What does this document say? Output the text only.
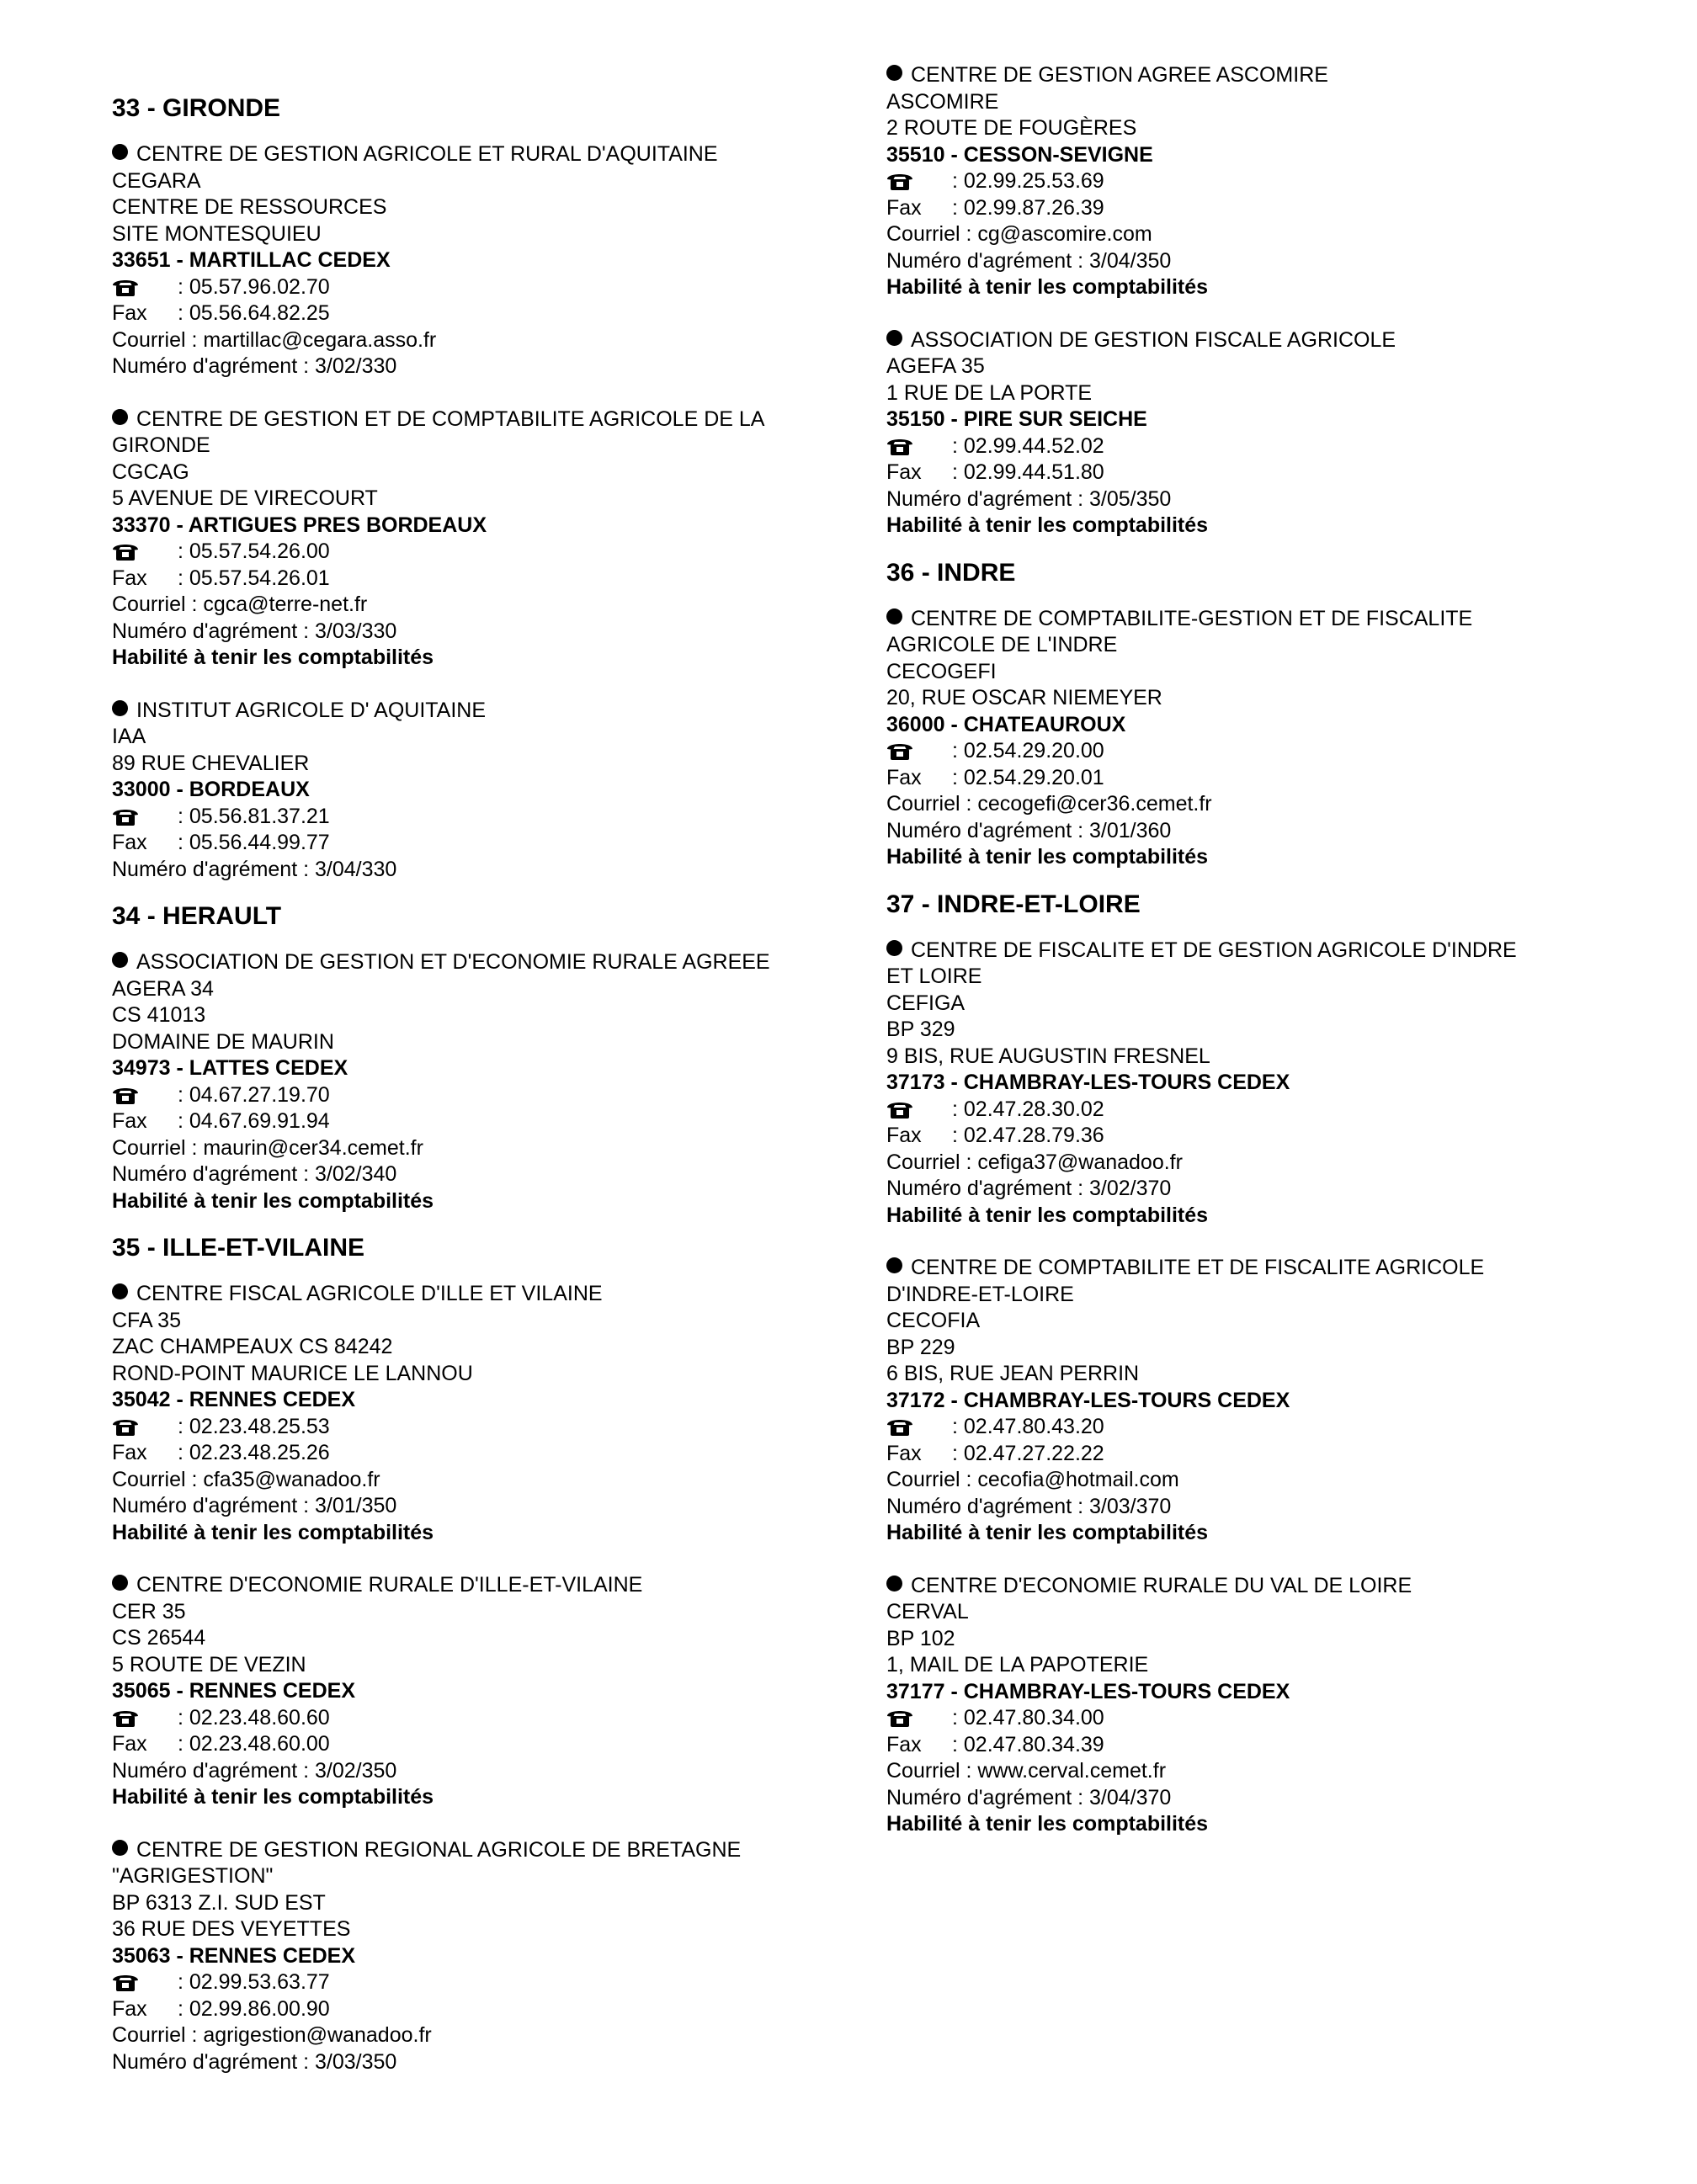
33 - GIRONDE
CENTRE DE GESTION AGRICOLE ET RURAL D'AQUITAINE
CEGARA
CENTRE DE RESSOURCES
SITE MONTESQUIEU
33651 - MARTILLAC CEDEX
: 05.57.96.02.70
Fax : 05.56.64.82.25
Courriel : martillac@cegara.asso.fr
Numéro d'agrément : 3/02/330
CENTRE DE GESTION ET DE COMPTABILITE AGRICOLE DE LA
GIRONDE
CGCAG
5 AVENUE DE VIRECOURT
33370 - ARTIGUES PRES BORDEAUX
: 05.57.54.26.00
Fax : 05.57.54.26.01
Courriel : cgca@terre-net.fr
Numéro d'agrément : 3/03/330
Habilité à tenir les comptabilités
INSTITUT AGRICOLE D' AQUITAINE
IAA
89 RUE CHEVALIER
33000 - BORDEAUX
: 05.56.81.37.21
Fax : 05.56.44.99.77
Numéro d'agrément : 3/04/330
34 - HERAULT
ASSOCIATION DE GESTION ET D'ECONOMIE RURALE AGREEE
AGERA 34
CS 41013
DOMAINE DE MAURIN
34973 - LATTES CEDEX
: 04.67.27.19.70
Fax : 04.67.69.91.94
Courriel : maurin@cer34.cemet.fr
Numéro d'agrément : 3/02/340
Habilité à tenir les comptabilités
35 - ILLE-ET-VILAINE
CENTRE FISCAL AGRICOLE D'ILLE ET VILAINE
CFA 35
ZAC CHAMPEAUX CS 84242
ROND-POINT MAURICE LE LANNOU
35042 - RENNES CEDEX
: 02.23.48.25.53
Fax : 02.23.48.25.26
Courriel : cfa35@wanadoo.fr
Numéro d'agrément : 3/01/350
Habilité à tenir les comptabilités
CENTRE D'ECONOMIE RURALE D'ILLE-ET-VILAINE
CER 35
CS 26544
5 ROUTE DE VEZIN
35065 - RENNES CEDEX
: 02.23.48.60.60
Fax : 02.23.48.60.00
Numéro d'agrément : 3/02/350
Habilité à tenir les comptabilités
CENTRE DE GESTION REGIONAL AGRICOLE DE BRETAGNE
"AGRIGESTION"
BP 6313 Z.I. SUD EST
36 RUE DES VEYETTES
35063 - RENNES CEDEX
: 02.99.53.63.77
Fax : 02.99.86.00.90
Courriel : agrigestion@wanadoo.fr
Numéro d'agrément : 3/03/350
CENTRE DE GESTION AGREE ASCOMIRE
ASCOMIRE
2 ROUTE DE FOUGÈRES
35510 - CESSON-SEVIGNE
: 02.99.25.53.69
Fax : 02.99.87.26.39
Courriel : cg@ascomire.com
Numéro d'agrément : 3/04/350
Habilité à tenir les comptabilités
ASSOCIATION DE GESTION FISCALE AGRICOLE
AGEFA 35
1 RUE DE LA PORTE
35150 - PIRE SUR SEICHE
: 02.99.44.52.02
Fax : 02.99.44.51.80
Numéro d'agrément : 3/05/350
Habilité à tenir les comptabilités
36 - INDRE
CENTRE DE COMPTABILITE-GESTION ET DE FISCALITE
AGRICOLE DE L'INDRE
CECOGEFI
20, RUE OSCAR NIEMEYER
36000 - CHATEAUROUX
: 02.54.29.20.00
Fax : 02.54.29.20.01
Courriel : cecogefi@cer36.cemet.fr
Numéro d'agrément : 3/01/360
Habilité à tenir les comptabilités
37 - INDRE-ET-LOIRE
CENTRE DE FISCALITE ET DE GESTION AGRICOLE D'INDRE
ET LOIRE
CEFIGA
BP 329
9 BIS, RUE AUGUSTIN FRESNEL
37173 - CHAMBRAY-LES-TOURS CEDEX
: 02.47.28.30.02
Fax : 02.47.28.79.36
Courriel : cefiga37@wanadoo.fr
Numéro d'agrément : 3/02/370
Habilité à tenir les comptabilités
CENTRE DE COMPTABILITE ET DE FISCALITE AGRICOLE
D'INDRE-ET-LOIRE
CECOFIA
BP 229
6 BIS, RUE JEAN PERRIN
37172 - CHAMBRAY-LES-TOURS CEDEX
: 02.47.80.43.20
Fax : 02.47.27.22.22
Courriel : cecofia@hotmail.com
Numéro d'agrément : 3/03/370
Habilité à tenir les comptabilités
CENTRE D'ECONOMIE RURALE DU VAL DE LOIRE
CERVAL
BP 102
1, MAIL DE LA PAPOTERIE
37177 - CHAMBRAY-LES-TOURS CEDEX
: 02.47.80.34.00
Fax : 02.47.80.34.39
Courriel : www.cerval.cemet.fr
Numéro d'agrément : 3/04/370
Habilité à tenir les comptabilités
